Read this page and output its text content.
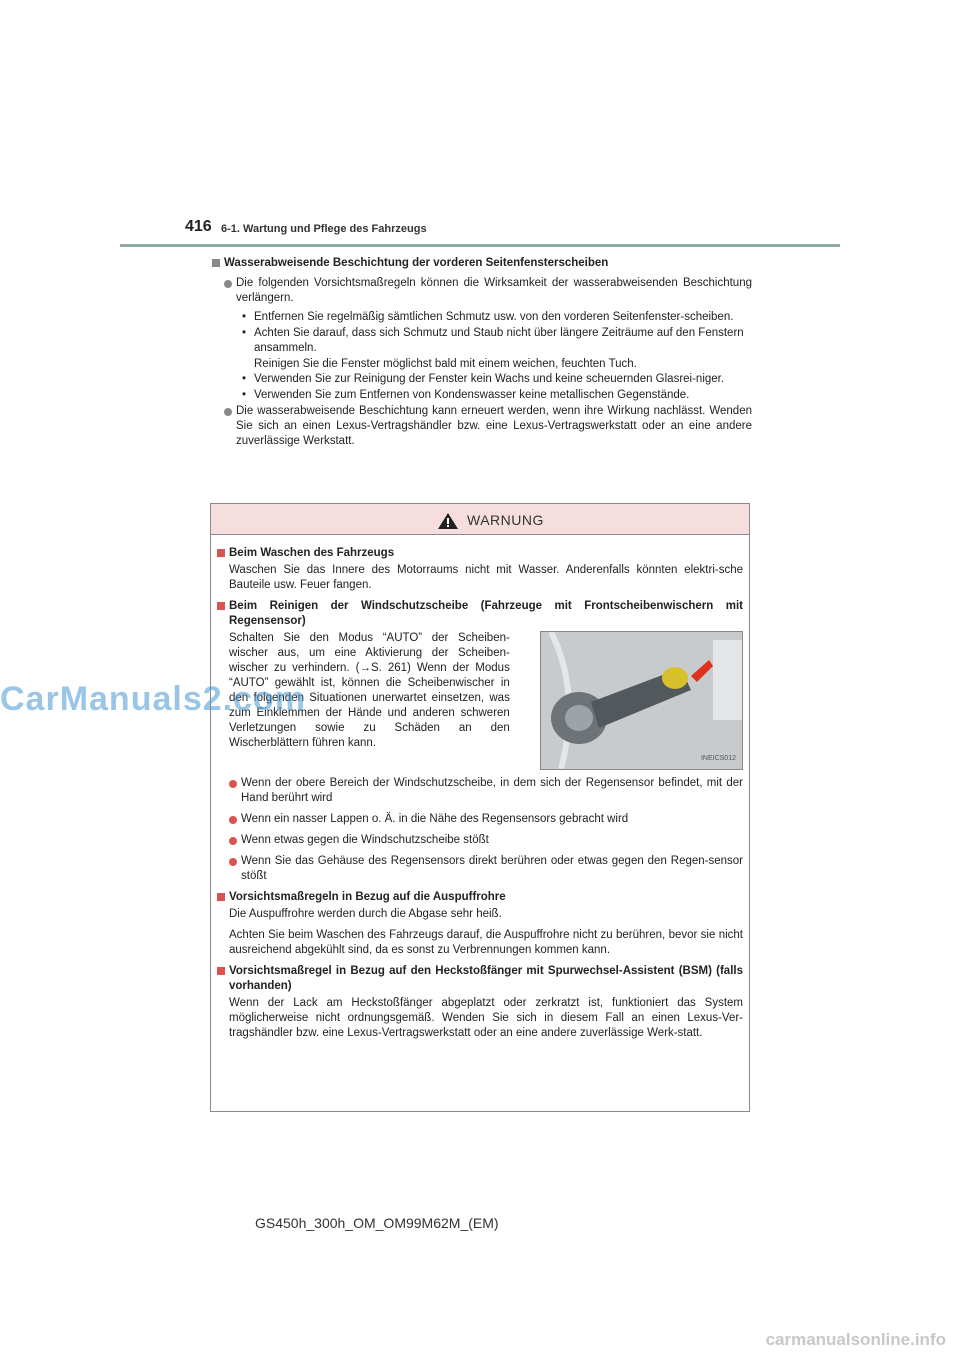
416 6-1. Wartung und Pflege des Fahrzeugs
Wasserabweisende Beschichtung der vorderen Seitenfensterscheiben
Die folgenden Vorsichtsmaßregeln können die Wirksamkeit der wasserabweisenden Beschichtung verlängern.
• Entfernen Sie regelmäßig sämtlichen Schmutz usw. von den vorderen Seitenfenster-scheiben.
• Achten Sie darauf, dass sich Schmutz und Staub nicht über längere Zeiträume auf den Fenstern ansammeln.
Reinigen Sie die Fenster möglichst bald mit einem weichen, feuchten Tuch.
• Verwenden Sie zur Reinigung der Fenster kein Wachs und keine scheuernden Glasrei-niger.
• Verwenden Sie zum Entfernen von Kondenswasser keine metallischen Gegenstände.
Die wasserabweisende Beschichtung kann erneuert werden, wenn ihre Wirkung nachlässt. Wenden Sie sich an einen Lexus-Vertragshändler bzw. eine Lexus-Vertragswerkstatt oder an eine andere zuverlässige Werkstatt.
WARNUNG
Beim Waschen des Fahrzeugs
Waschen Sie das Innere des Motorraums nicht mit Wasser. Anderenfalls könnten elektri-sche Bauteile usw. Feuer fangen.
Beim Reinigen der Windschutzscheibe (Fahrzeuge mit Frontscheibenwischern mit Regensensor)
Schalten Sie den Modus “AUTO” der Scheiben-wischer aus, um eine Aktivierung der Scheiben-wischer zu verhindern. (→S. 261) Wenn der Modus “AUTO” gewählt ist, können die Scheibenwischer in den folgenden Situationen unerwartet einsetzen, was zum Einklemmen der Hände und anderen schweren Verletzungen sowie zu Schäden an den Wischerblättern führen kann.
INEICS012
Wenn der obere Bereich der Windschutzscheibe, in dem sich der Regensensor befindet, mit der Hand berührt wird
Wenn ein nasser Lappen o. Ä. in die Nähe des Regensensors gebracht wird
Wenn etwas gegen die Windschutzscheibe stößt
Wenn Sie das Gehäuse des Regensensors direkt berühren oder etwas gegen den Regen-sensor stößt
Vorsichtsmaßregeln in Bezug auf die Auspuffrohre
Die Auspuffrohre werden durch die Abgase sehr heiß.
Achten Sie beim Waschen des Fahrzeugs darauf, die Auspuffrohre nicht zu berühren, bevor sie nicht ausreichend abgekühlt sind, da es sonst zu Verbrennungen kommen kann.
Vorsichtsmaßregel in Bezug auf den Heckstoßfänger mit Spurwechsel-Assistent (BSM) (falls vorhanden)
Wenn der Lack am Heckstoßfänger abgeplatzt oder zerkratzt ist, funktioniert das System möglicherweise nicht ordnungsgemäß. Wenden Sie sich in diesem Fall an einen Lexus-Ver-tragshändler bzw. eine Lexus-Vertragswerkstatt oder an eine andere zuverlässige Werk-statt.
CarManuals2.com
GS450h_300h_OM_OM99M62M_(EM)
carmanualsonline.info
